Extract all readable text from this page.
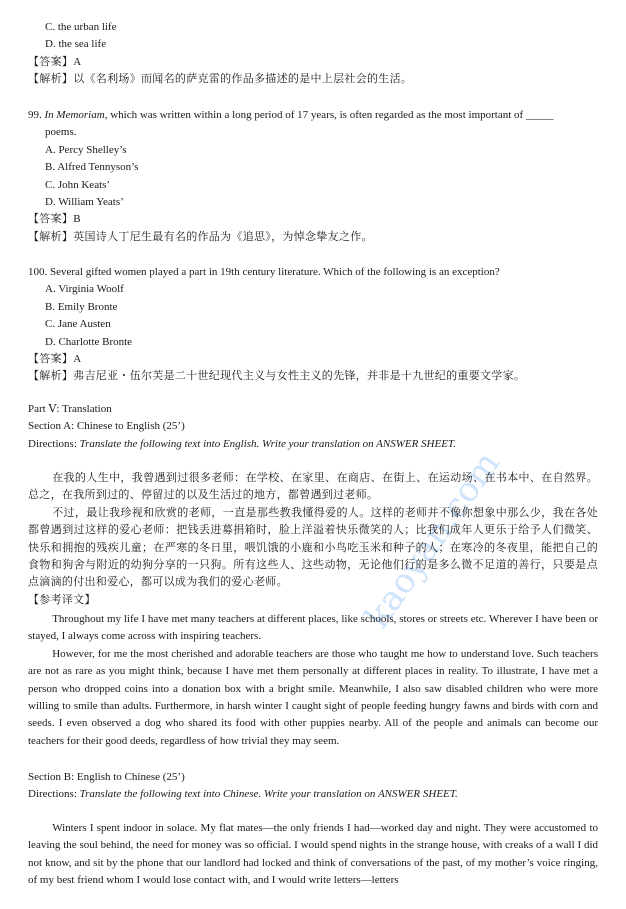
kaoyan.com
C. the urban life
D. the sea life
【答案】A
【解析】以《名利场》而闻名的萨克雷的作品多描述的是中上层社会的生活。
99. In Memoriam, which was written within a long period of 17 years, is often regarded as the most important of _____
poems.
A. Percy Shelley’s
B. Alfred Tennyson’s
C. John Keats’
D. William Yeats’
【答案】B
【解析】英国诗人丁尼生最有名的作品为《追思》，为悼念挚友之作。
100. Several gifted women played a part in 19th century literature. Which of the following is an exception?
A. Virginia Woolf
B. Emily Bronte
C. Jane Austen
D. Charlotte Bronte
【答案】A
【解析】弗吉尼亚・伍尔芙是二十世纪现代主义与女性主义的先锋，并非是十九世纪的重要文学家。
Part Ⅴ: Translation
Section A: Chinese to English (25’)
Directions: Translate the following text into English. Write your translation on ANSWER SHEET.
在我的人生中，我曾遇到过很多老师：在学校、在家里、在商店、在街上、在运动场、在书本中、在自然界。总之，在我所到过的、停留过的以及生活过的地方，都曾遇到过老师。
不过，最让我珍视和欣赏的老师，一直是那些教我懂得爱的人。这样的老师并不像你想象中那么少，我在各处都曾遇到过这样的爱心老师：把钱丢进募捐箱时，脸上洋溢着快乐微笑的人；比我们成年人更乐于给予人们微笑、快乐和拥抱的残疾儿童；在严寒的冬日里，喂饥饿的小鹿和小鸟吃玉米和种子的人；在寒冷的冬夜里，能把自己的食物和狗舍与附近的幼狗分享的一只狗。所有这些人、这些动物，无论他们行的是多么微不足道的善行，只要是点点滴滴的付出和爱心，都可以成为我们的爱心老师。
【参考译文】
Throughout my life I have met many teachers at different places, like schools, stores or streets etc. Wherever I have been or stayed, I always come across with inspiring teachers.
However, for me the most cherished and adorable teachers are those who taught me how to understand love. Such teachers are not as rare as you might think, because I have met them personally at different places in reality. To illustrate, I have met a person who dropped coins into a donation box with a bright smile. Meanwhile, I also saw disabled children who were more willing to smile than adults. Furthermore, in harsh winter I caught sight of people feeding hungry fawns and birds with corn and seeds. I even observed a dog who shared its food with other puppies nearby. All of the people and animals can become our teachers for their good deeds, regardless of how trivial they may seem.
Section B: English to Chinese (25’)
Directions: Translate the following text into Chinese. Write your translation on ANSWER SHEET.
Winters I spent indoor in solace. My flat mates—the only friends I had—worked day and night. They were accustomed to leaving the soul behind, the need for money was so official. I would spend nights in the strange house, with creaks of a wall I did not know, and sit by the phone that our landlord had locked and think of conversations of the past, of my mother’s voice ringing, of my best friend whom I would lose contact with, and I would write letters—letters
